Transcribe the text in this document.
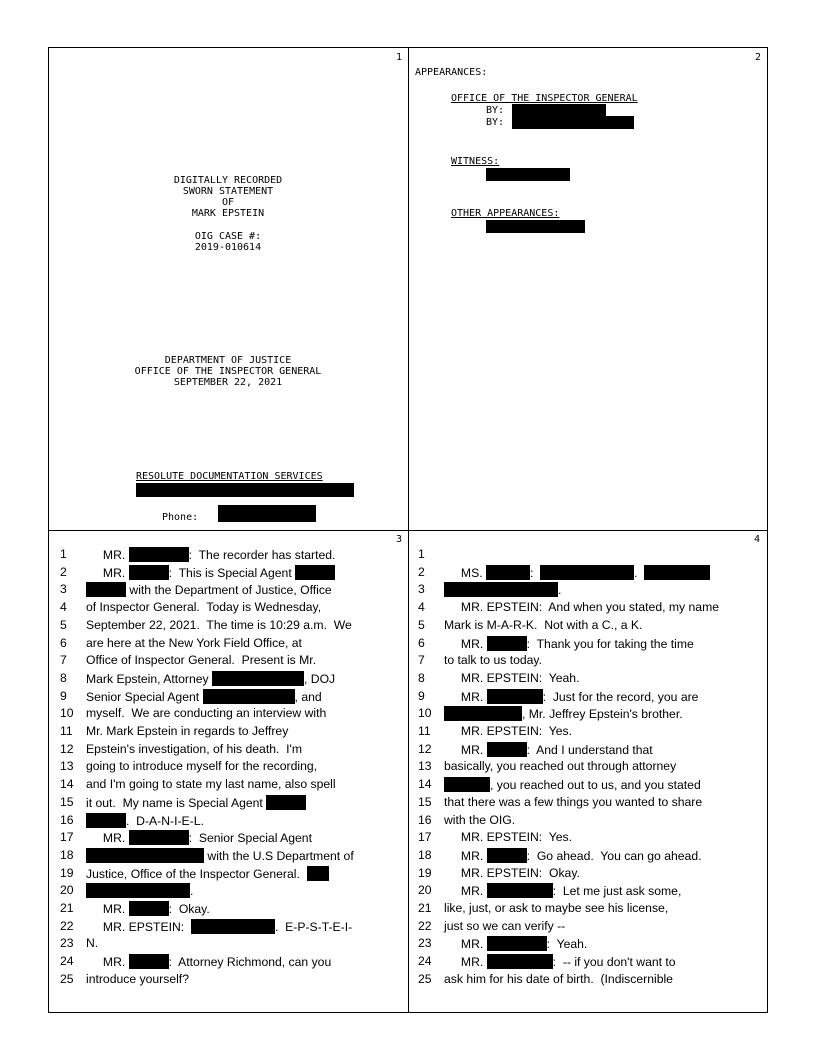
1
DIGITALLY RECORDED
SWORN STATEMENT
OF
MARK EPSTEIN
OIG CASE #:
2019-010614
DEPARTMENT OF JUSTICE
OFFICE OF THE INSPECTOR GENERAL
SEPTEMBER 22, 2021
RESOLUTE DOCUMENTATION SERVICES
Phone:
2
APPEARANCES:
OFFICE OF THE INSPECTOR GENERAL
BY:
BY:
WITNESS:
OTHER APPEARANCES:
3
1	MR.	:  The recorder has started.
2	MR.	:  This is Special Agent
3	with the Department of Justice, Office
4	of Inspector General.  Today is Wednesday,
5	September 22, 2021.  The time is 10:29 a.m.  We
6	are here at the New York Field Office, at
7	Office of Inspector General.  Present is Mr.
8	Mark Epstein, Attorney	, DOJ
9	Senior Special Agent	, and
10 myself.  We are conducting an interview with
11 Mr. Mark Epstein in regards to Jeffrey
12 Epstein's investigation, of his death.  I'm
13 going to introduce myself for the recording,
14 and I'm going to state my last name, also spell
15 it out.  My name is Special Agent
16	.  D-A-N-I-E-L.
17 MR.	:  Senior Special Agent
18	with the U.S Department of
19 Justice, Office of the Inspector General.
20	.
21 MR.	:  Okay.
22 MR. EPSTEIN:	.  E-P-S-T-E-I-
23 N.
24 MR.	:  Attorney Richmond, can you
25 introduce yourself?
4
1
2	MS.	:	.
3	.
4	MR. EPSTEIN:  And when you stated, my name
5	Mark is M-A-R-K.  Not with a C., a K.
6	MR.	:  Thank you for taking the time
7	to talk to us today.
8	MR. EPSTEIN:  Yeah.
9	MR.	:  Just for the record, you are
10	, Mr. Jeffrey Epstein's brother.
11 MR. EPSTEIN:  Yes.
12 MR.	:  And I understand that
13 basically, you reached out through attorney
14	, you reached out to us, and you stated
15 that there was a few things you wanted to share
16 with the OIG.
17 MR. EPSTEIN:  Yes.
18 MR.	:  Go ahead.  You can go ahead.
19 MR. EPSTEIN:  Okay.
20 MR.	:  Let me just ask some,
21 like, just, or ask to maybe see his license,
22 just so we can verify --
23 MR.	:  Yeah.
24 MR.	:  -- if you don't want to
25 ask him for his date of birth.  (Indiscernible
